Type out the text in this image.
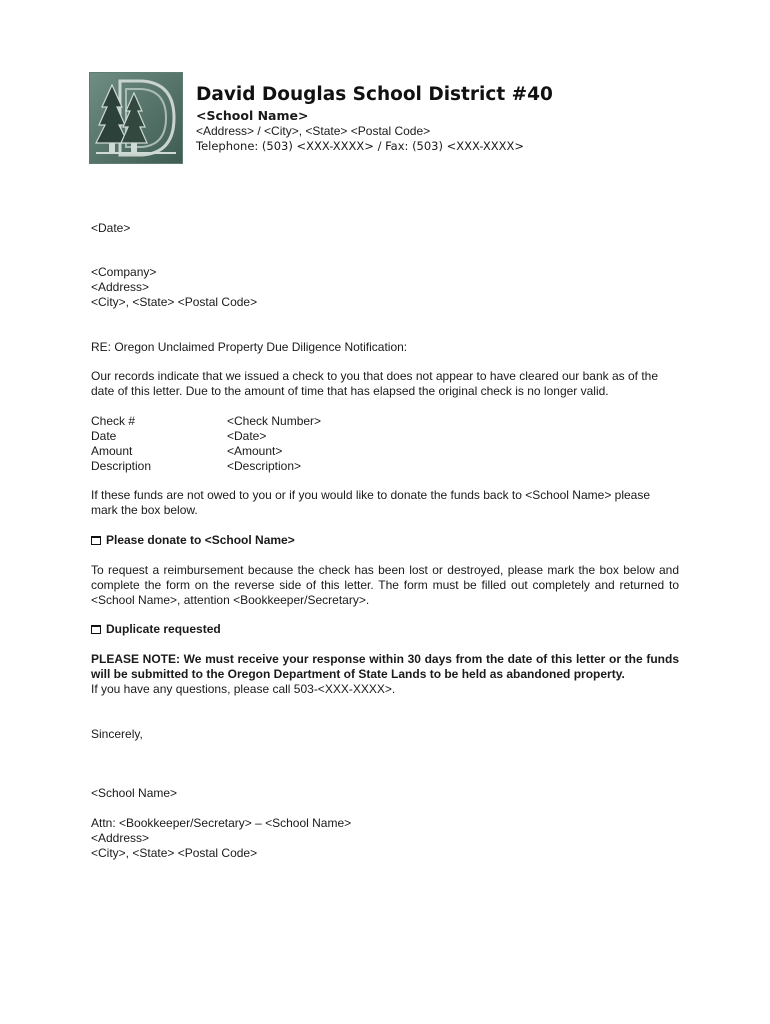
David Douglas School District #40
<School Name>
<Address> / <City>, <State> <Postal Code>
Telephone: (503) <XXX-XXXX> / Fax: (503) <XXX-XXXX>

<Date>

<Company>

<Address>

<City>, <State> <Postal Code>

RE: Oregon Unclaimed Property Due Diligence Notification:

Our records indicate that we issued a check to you that does not appear to have cleared our bank as of the date of this letter. Due to the amount of time that has elapsed the original check is no longer valid.

Check #	<Check Number>
Date	<Date>
Amount	<Amount>
Description	<Description>

If these funds are not owed to you or if you would like to donate the funds back to <School Name> please mark the box below.

Please donate to <School Name>

To request a reimbursement because the check has been lost or destroyed, please mark the box below and complete the form on the reverse side of this letter. The form must be filled out completely and returned to <School Name>, attention <Bookkeeper/Secretary>.

Duplicate requested

PLEASE NOTE: We must receive your response within 30 days from the date of this letter or the funds will be submitted to the Oregon Department of State Lands to be held as abandoned property.

If you have any questions, please call 503-<XXX-XXXX>.

Sincerely,

<School Name>

Attn: <Bookkeeper/Secretary> – <School Name>

<Address>

<City>, <State> <Postal Code>
